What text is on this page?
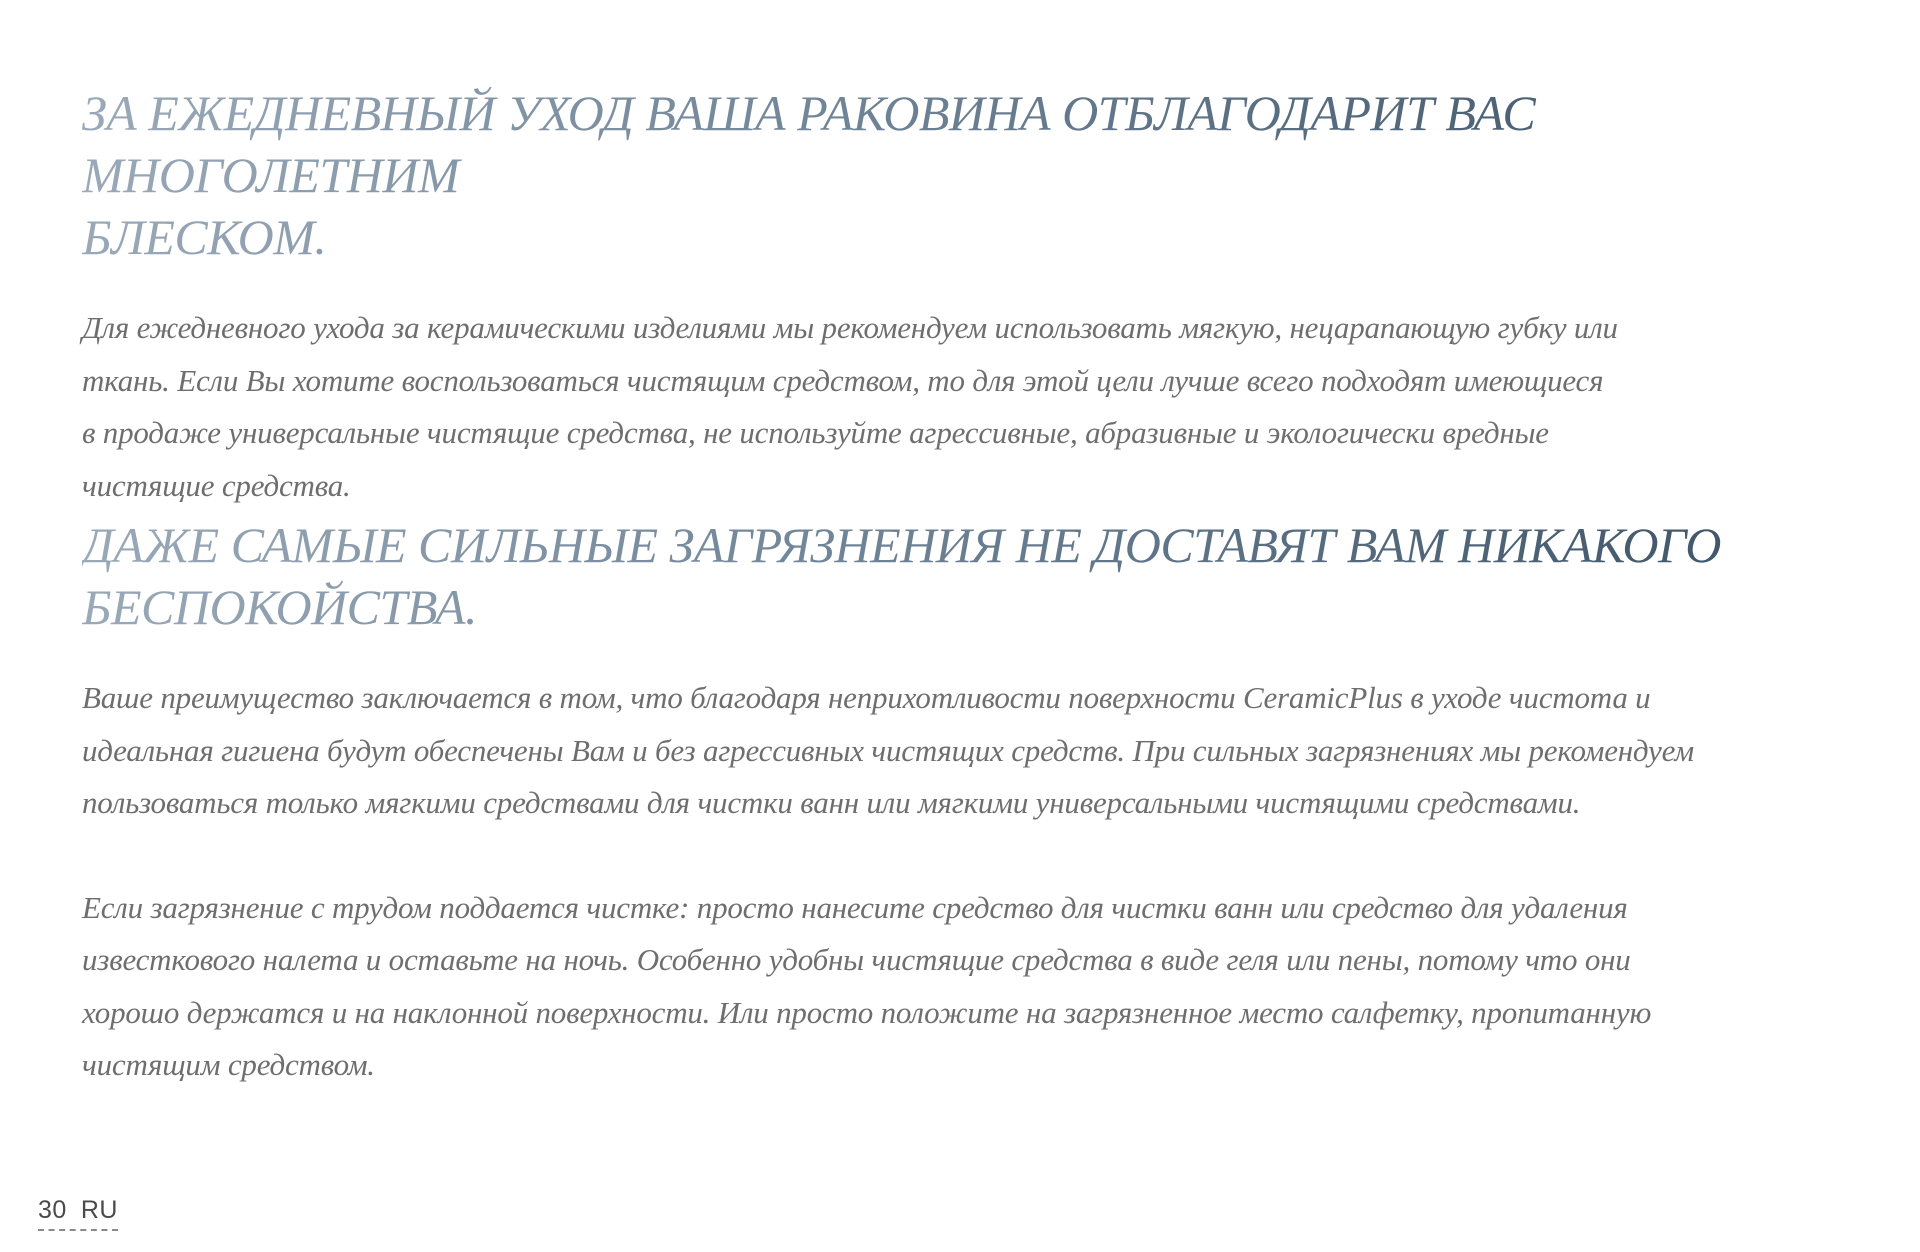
ЗА ЕЖЕДНЕВНЫЙ УХОД ВАША РАКОВИНА ОТБЛАГОДАРИТ ВАС МНОГОЛЕТНИМ
БЛЕСКОМ.

Для ежедневного ухода за керамическими изделиями мы рекомендуем использовать мягкую, нецарапающую губку или
ткань. Если Вы хотите воспользоваться чистящим средством, то для этой цели лучше всего подходят имеющиеся
в продаже универсальные чистящие средства, не используйте агрессивные, абразивные и экологически вредные
чистящие средства.

ДАЖЕ САМЫЕ СИЛЬНЫЕ ЗАГРЯЗНЕНИЯ НЕ ДОСТАВЯТ ВАМ НИКАКОГО
БЕСПОКОЙСТВА.

Ваше преимущество заключается в том, что благодаря неприхотливости поверхности CeramicPlus в уходе чистота и
идеальная гигиена будут обеспечены Вам и без агрессивных чистящих средств. При сильных загрязнениях мы рекомендуем
пользоваться только мягкими средствами для чистки ванн или мягкими универсальными чистящими средствами.

Если загрязнение с трудом поддается чистке: просто нанесите средство для чистки ванн или средство для удаления
известкового налета и оставьте на ночь. Особенно удобны чистящие средства в виде геля или пены, потому что они
хорошо держатся и на наклонной поверхности. Или просто положите на загрязненное место салфетку, пропитанную
чистящим средством.

30 RU
